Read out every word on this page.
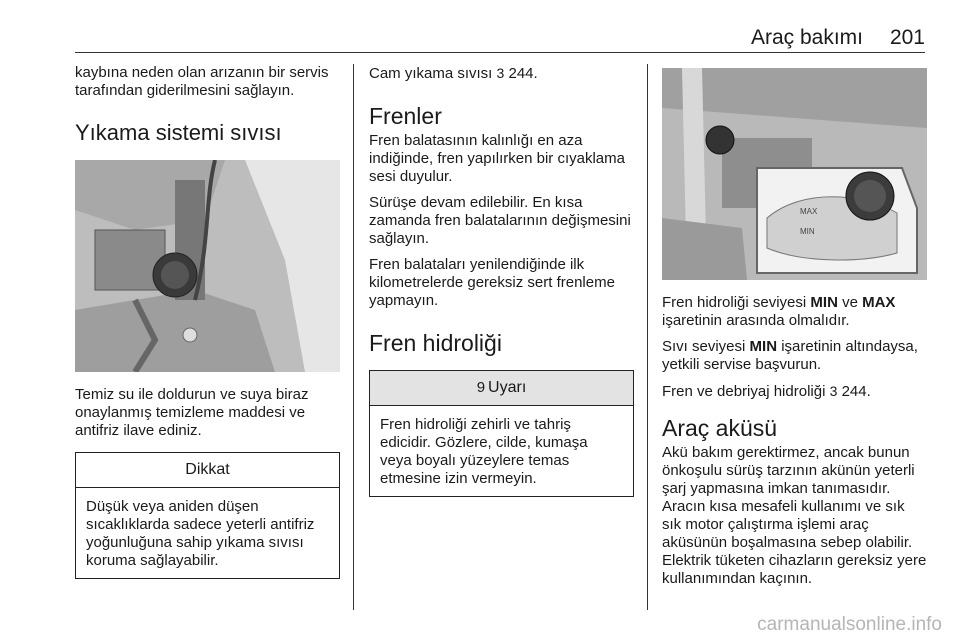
Araç bakımı 201

kaybına neden olan arızanın bir servis tarafından giderilmesini sağlayın.

Yıkama sistemi sıvısı

Temiz su ile doldurun ve suya biraz onaylanmış temizleme maddesi ve antifriz ilave ediniz.

Dikkat

Düşük veya aniden düşen sıcaklıklarda sadece yeterli antifriz yoğunluğuna sahip yıkama sıvısı koruma sağlayabilir.

Cam yıkama sıvısı 3 244.

Frenler

Fren balatasının kalınlığı en aza indiğinde, fren yapılırken bir cıyaklama sesi duyulur.

Sürüşe devam edilebilir. En kısa zamanda fren balatalarının değişmesini sağlayın.

Fren balataları yenilendiğinde ilk kilometrelerde gereksiz sert frenleme yapmayın.

Fren hidroliği
9 Uyarı

Fren hidroliği zehirli ve tahriş edicidir. Gözlere, cilde, kumaşa veya boyalı yüzeylere temas etmesine izin vermeyin.

MAX
MIN

Fren hidroliği seviyesi MIN ve MAX işaretinin arasında olmalıdır.

Sıvı seviyesi MIN işaretinin altındaysa, yetkili servise başvurun.

Fren ve debriyaj hidroliği 3 244.

Araç aküsü

Akü bakım gerektirmez, ancak bunun önkoşulu sürüş tarzının akünün yeterli şarj yapmasına imkan tanımasıdır. Aracın kısa mesafeli kullanımı ve sık sık motor çalıştırma işlemi araç aküsünün boşalmasına sebep olabilir. Elektrik tüketen cihazların gereksiz yere kullanımından kaçının.

carmanualsonline.info
